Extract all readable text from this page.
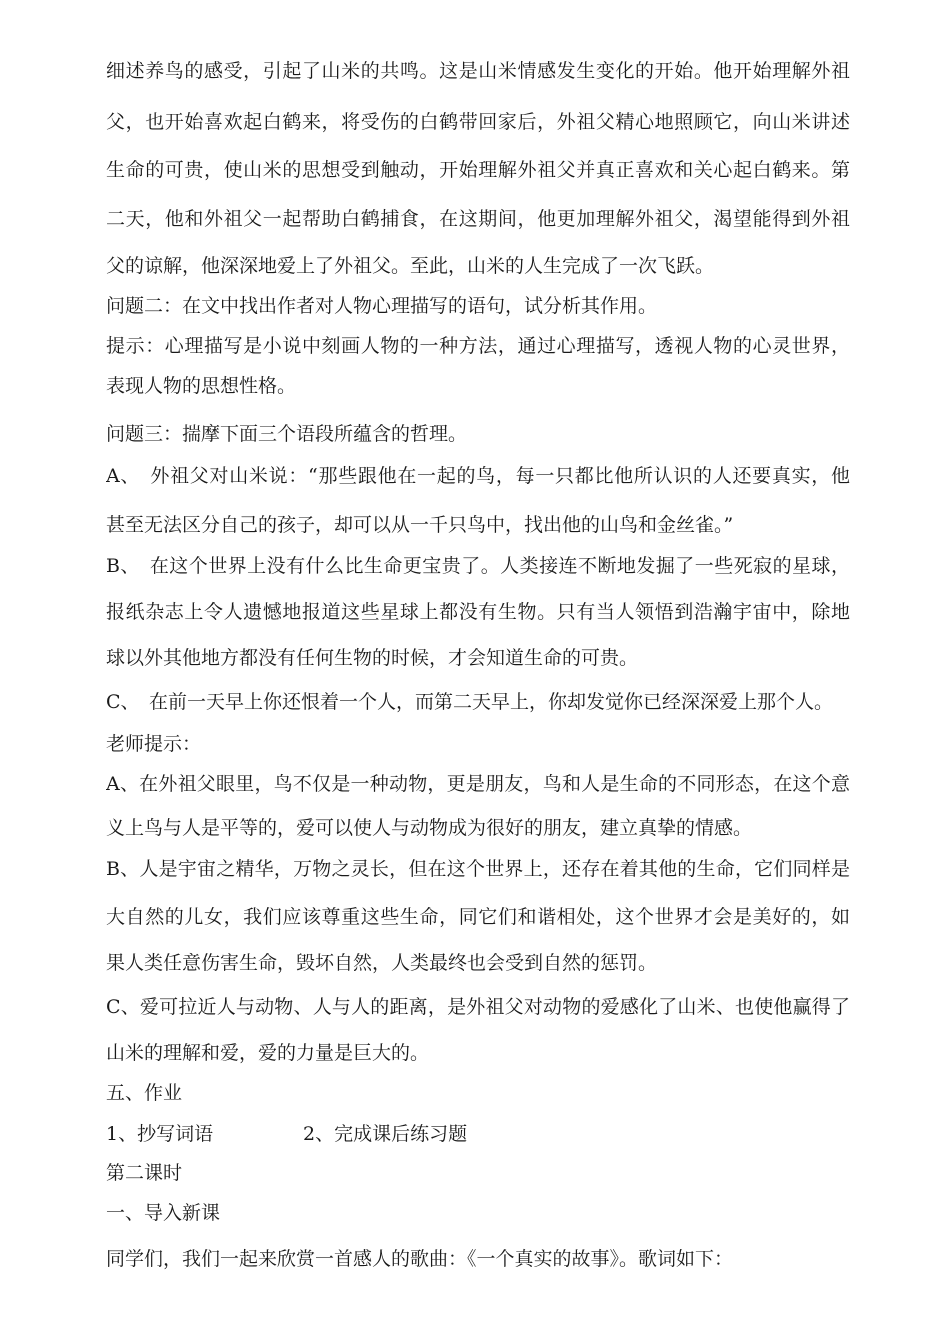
细述养鸟的感受，引起了山米的共鸣。这是山米情感发生变化的开始。他开始理解外祖
父，也开始喜欢起白鹤来，将受伤的白鹤带回家后，外祖父精心地照顾它，向山米讲述
生命的可贵，使山米的思想受到触动，开始理解外祖父并真正喜欢和关心起白鹤来。第
二天，他和外祖父一起帮助白鹤捕食，在这期间，他更加理解外祖父，渴望能得到外祖
父的谅解，他深深地爱上了外祖父。至此，山米的人生完成了一次飞跃。
问题二：在文中找出作者对人物心理描写的语句，试分析其作用。
提示：心理描写是小说中刻画人物的一种方法，通过心理描写，透视人物的心灵世界，
表现人物的思想性格。
问题三：揣摩下面三个语段所蕴含的哲理。
A、　外祖父对山米说：“那些跟他在一起的鸟，每一只都比他所认识的人还要真实，他
甚至无法区分自己的孩子，却可以从一千只鸟中，找出他的山鸟和金丝雀。”
B、　在这个世界上没有什么比生命更宝贵了。人类接连不断地发掘了一些死寂的星球，
报纸杂志上令人遗憾地报道这些星球上都没有生物。只有当人领悟到浩瀚宇宙中，除地
球以外其他地方都没有任何生物的时候，才会知道生命的可贵。
C、　在前一天早上你还恨着一个人，而第二天早上，你却发觉你已经深深爱上那个人。
老师提示：
A、在外祖父眼里，鸟不仅是一种动物，更是朋友，鸟和人是生命的不同形态，在这个意
义上鸟与人是平等的，爱可以使人与动物成为很好的朋友，建立真挚的情感。
B、人是宇宙之精华，万物之灵长，但在这个世界上，还存在着其他的生命，它们同样是
大自然的儿女，我们应该尊重这些生命，同它们和谐相处，这个世界才会是美好的，如
果人类任意伤害生命，毁坏自然，人类最终也会受到自然的惩罚。
C、爱可拉近人与动物、人与人的距离，是外祖父对动物的爱感化了山米、也使他赢得了
山米的理解和爱，爱的力量是巨大的。
五、作业
1、抄写词语	2、完成课后练习题
第二课时
一、导入新课
同学们，我们一起来欣赏一首感人的歌曲：《一个真实的故事》。歌词如下：
